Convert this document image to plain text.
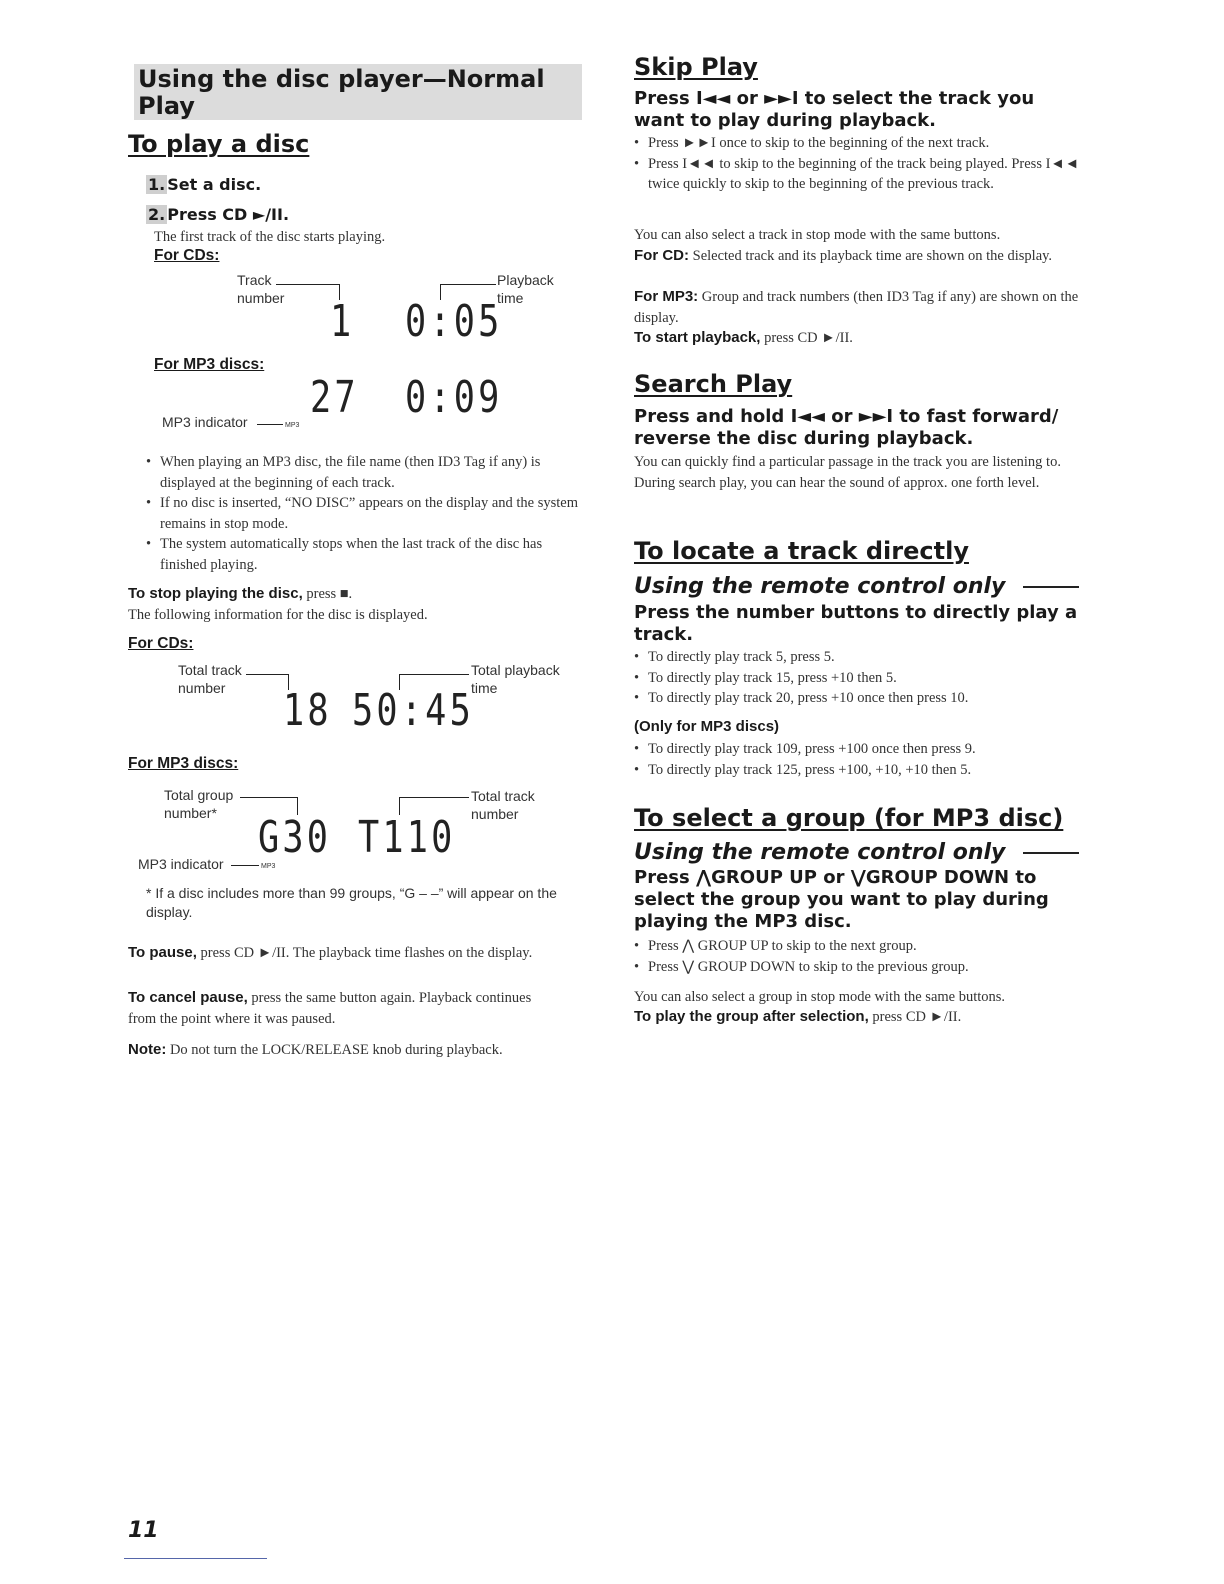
Using the disc player—Normal Play
To play a disc
1. Set a disc.
2. Press CD ►/II.
The first track of the disc starts playing.
For CDs:
Track
number
Playback
time
1 0:05
For MP3 discs:
27 0:09
MP3 indicator	MP3
• When playing an MP3 disc, the file name (then ID3 Tag if any) is displayed at the beginning of each track.
• If no disc is inserted, “NO DISC” appears on the display and the system remains in stop mode.
• The system automatically stops when the last track of the disc has finished playing.
To stop playing the disc, press ■.
The following information for the disc is displayed.
For CDs:
Total track
number
Total playback
time
18 50:45
For MP3 discs:
Total group
number*
Total track
number
G30 T110
MP3 indicator	MP3
* If a disc includes more than 99 groups, “G – –” will appear on the display.
To pause, press CD ►/II. The playback time flashes on the display.
To cancel pause, press the same button again. Playback continues from the point where it was paused.
Note: Do not turn the LOCK/RELEASE knob during playback.
Skip Play
Press I◄◄ or ►►I to select the track you want to play during playback.
• Press ►►I once to skip to the beginning of the next track.
• Press I◄◄ to skip to the beginning of the track being played. Press I◄◄ twice quickly to skip to the beginning of the previous track.
You can also select a track in stop mode with the same buttons.
For CD: Selected track and its playback time are shown on the display.
For MP3: Group and track numbers (then ID3 Tag if any) are shown on the display.
To start playback, press CD ►/II.
Search Play
Press and hold I◄◄ or ►►I to fast forward/ reverse the disc during playback.
You can quickly find a particular passage in the track you are listening to. During search play, you can hear the sound of approx. one forth level.
To locate a track directly
Using the remote control only
Press the number buttons to directly play a track.
• To directly play track 5, press 5.
• To directly play track 15, press +10 then 5.
• To directly play track 20, press +10 once then press 10.
(Only for MP3 discs)
• To directly play track 109, press +100 once then press 9.
• To directly play track 125, press +100, +10, +10 then 5.
To select a group (for MP3 disc)
Using the remote control only
Press ⋀GROUP UP or ⋁GROUP DOWN to select the group you want to play during playing the MP3 disc.
• Press ⋀ GROUP UP to skip to the next group.
• Press ⋁ GROUP DOWN to skip to the previous group.
You can also select a group in stop mode with the same buttons.
To play the group after selection, press CD ►/II.
11
